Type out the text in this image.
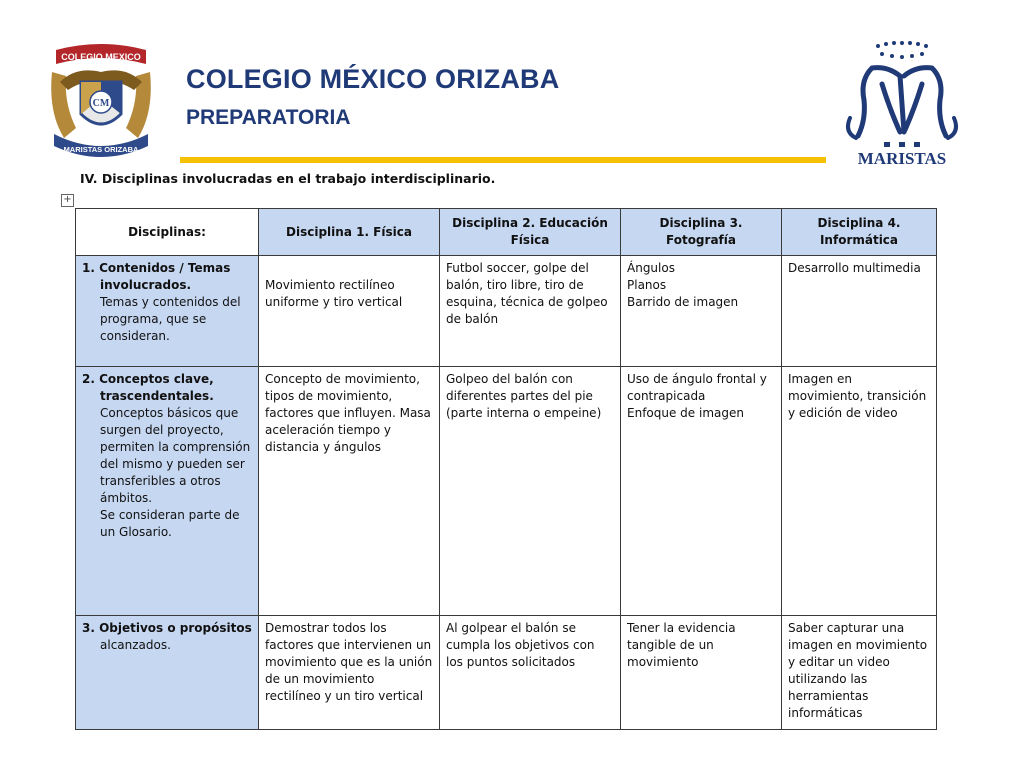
COLEGIO MEXICO
CM
MARISTAS ORIZABA
COLEGIO MÉXICO ORIZABA
PREPARATORIA
MARISTAS
IV. Disciplinas involucradas en el trabajo interdisciplinario.
+
Disciplinas:	Disciplina 1. Física	Disciplina 2. Educación Física	Disciplina 3. Fotografía	Disciplina 4. Informática

1. Contenidos / Temas
involucrados.
Temas y contenidos del programa, que se consideran.	Movimiento rectilíneo uniforme y tiro vertical	Futbol soccer, golpe del balón, tiro libre, tiro de esquina, técnica de golpeo de balón	Ángulos
Planos
Barrido de imagen	Desarrollo multimedia

2. Conceptos clave,
trascendentales.
Conceptos básicos que surgen del proyecto, permiten la comprensión del mismo y pueden ser transferibles a otros ámbitos.
Se consideran parte de un Glosario.	Concepto de movimiento, tipos de movimiento, factores que influyen. Masa aceleración tiempo y distancia y ángulos	Golpeo del balón con diferentes partes del pie (parte interna o empeine)	Uso de ángulo frontal y contrapicada
Enfoque de imagen	Imagen en movimiento, transición y edición de video

3. Objetivos o propósitos
alcanzados.	Demostrar todos los factores que intervienen un movimiento que es la unión de un movimiento rectilíneo y un tiro vertical	Al golpear el balón se cumpla los objetivos con los puntos solicitados	Tener la evidencia tangible de un movimiento	Saber capturar una imagen en movimiento y editar un video utilizando las herramientas informáticas
